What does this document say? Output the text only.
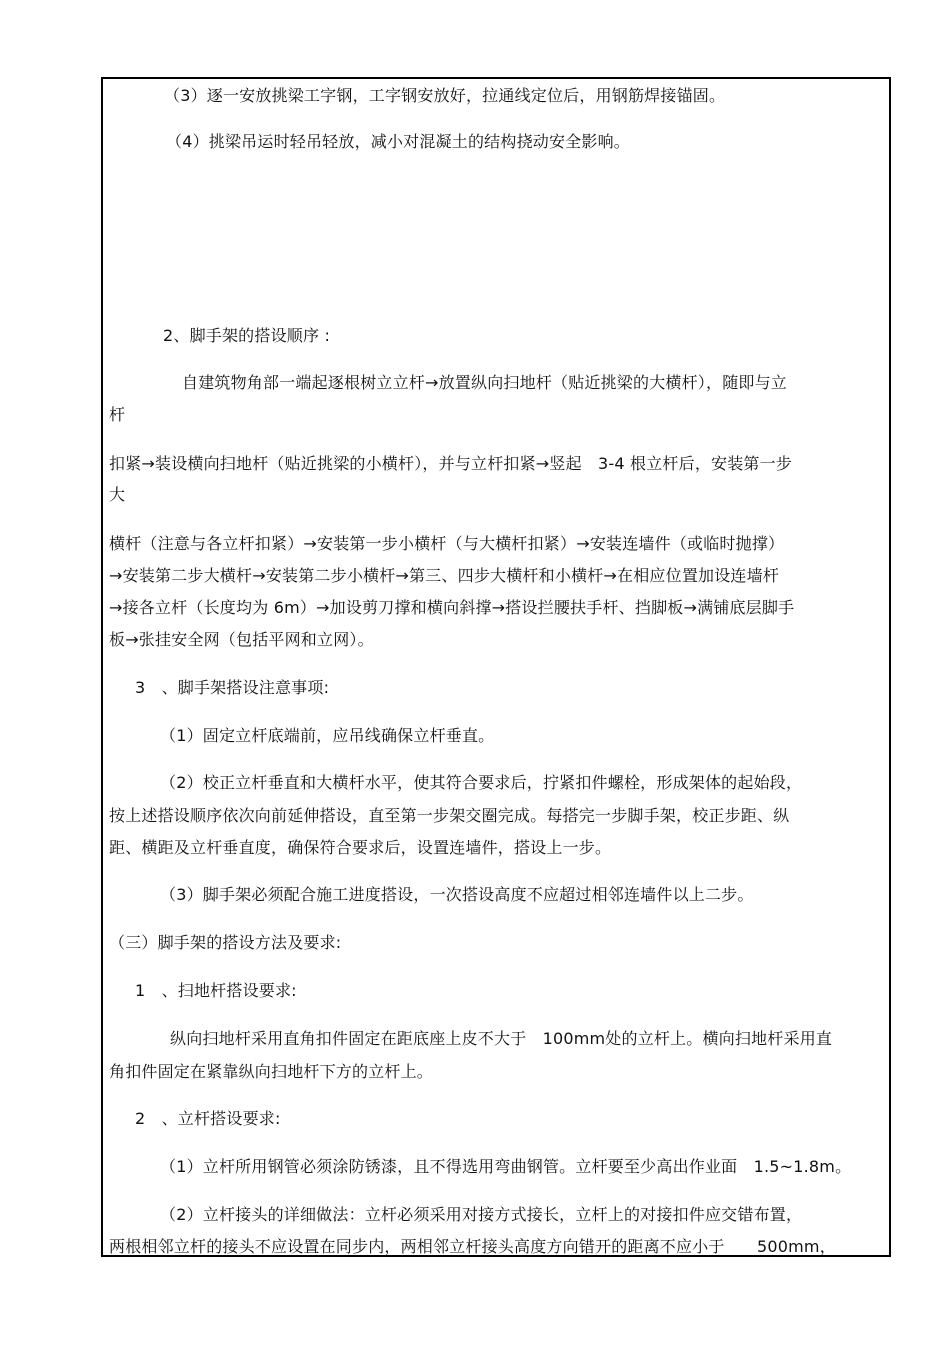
（3）逐一安放挑梁工字钢，工字钢安放好，拉通线定位后，用钢筋焊接锚固。
（4）挑梁吊运时轻吊轻放，减小对混凝土的结构挠动安全影响。
2、脚手架的搭设顺序 :
自建筑物角部一端起逐根树立立杆→放置纵向扫地杆（贴近挑梁的大横杆），随即与立
杆
扣紧→装设横向扫地杆（贴近挑梁的小横杆），并与立杆扣紧→竖起　3-4 根立杆后，安装第一步
大
横杆（注意与各立杆扣紧）→安装第一步小横杆（与大横杆扣紧）→安装连墙件（或临时抛撑）
→安装第二步大横杆→安装第二步小横杆→第三、四步大横杆和小横杆→在相应位置加设连墙杆
→接各立杆（长度均为 6m）→加设剪刀撑和横向斜撑→搭设拦腰扶手杆、挡脚板→满铺底层脚手
板→张挂安全网（包括平网和立网）。
3　、脚手架搭设注意事项:
（1）固定立杆底端前，应吊线确保立杆垂直。
（2）校正立杆垂直和大横杆水平，使其符合要求后，拧紧扣件螺栓，形成架体的起始段，
按上述搭设顺序依次向前延伸搭设，直至第一步架交圈完成。每搭完一步脚手架，校正步距、纵
距、横距及立杆垂直度，确保符合要求后，设置连墙件，搭设上一步。
（3）脚手架必须配合施工进度搭设，一次搭设高度不应超过相邻连墙件以上二步。
（三）脚手架的搭设方法及要求:
1　、扫地杆搭设要求:
纵向扫地杆采用直角扣件固定在距底座上皮不大于　100mm处的立杆上。横向扫地杆采用直
角扣件固定在紧靠纵向扫地杆下方的立杆上。
2　、立杆搭设要求:
（1）立杆所用钢管必须涂防锈漆，且不得选用弯曲钢管。立杆要至少高出作业面　1.5~1.8m。
（2）立杆接头的详细做法：立杆必须采用对接方式接长，立杆上的对接扣件应交错布置，
两根相邻立杆的接头不应设置在同步内，两相邻立杆接头高度方向错开的距离不应小于　　500mm，
